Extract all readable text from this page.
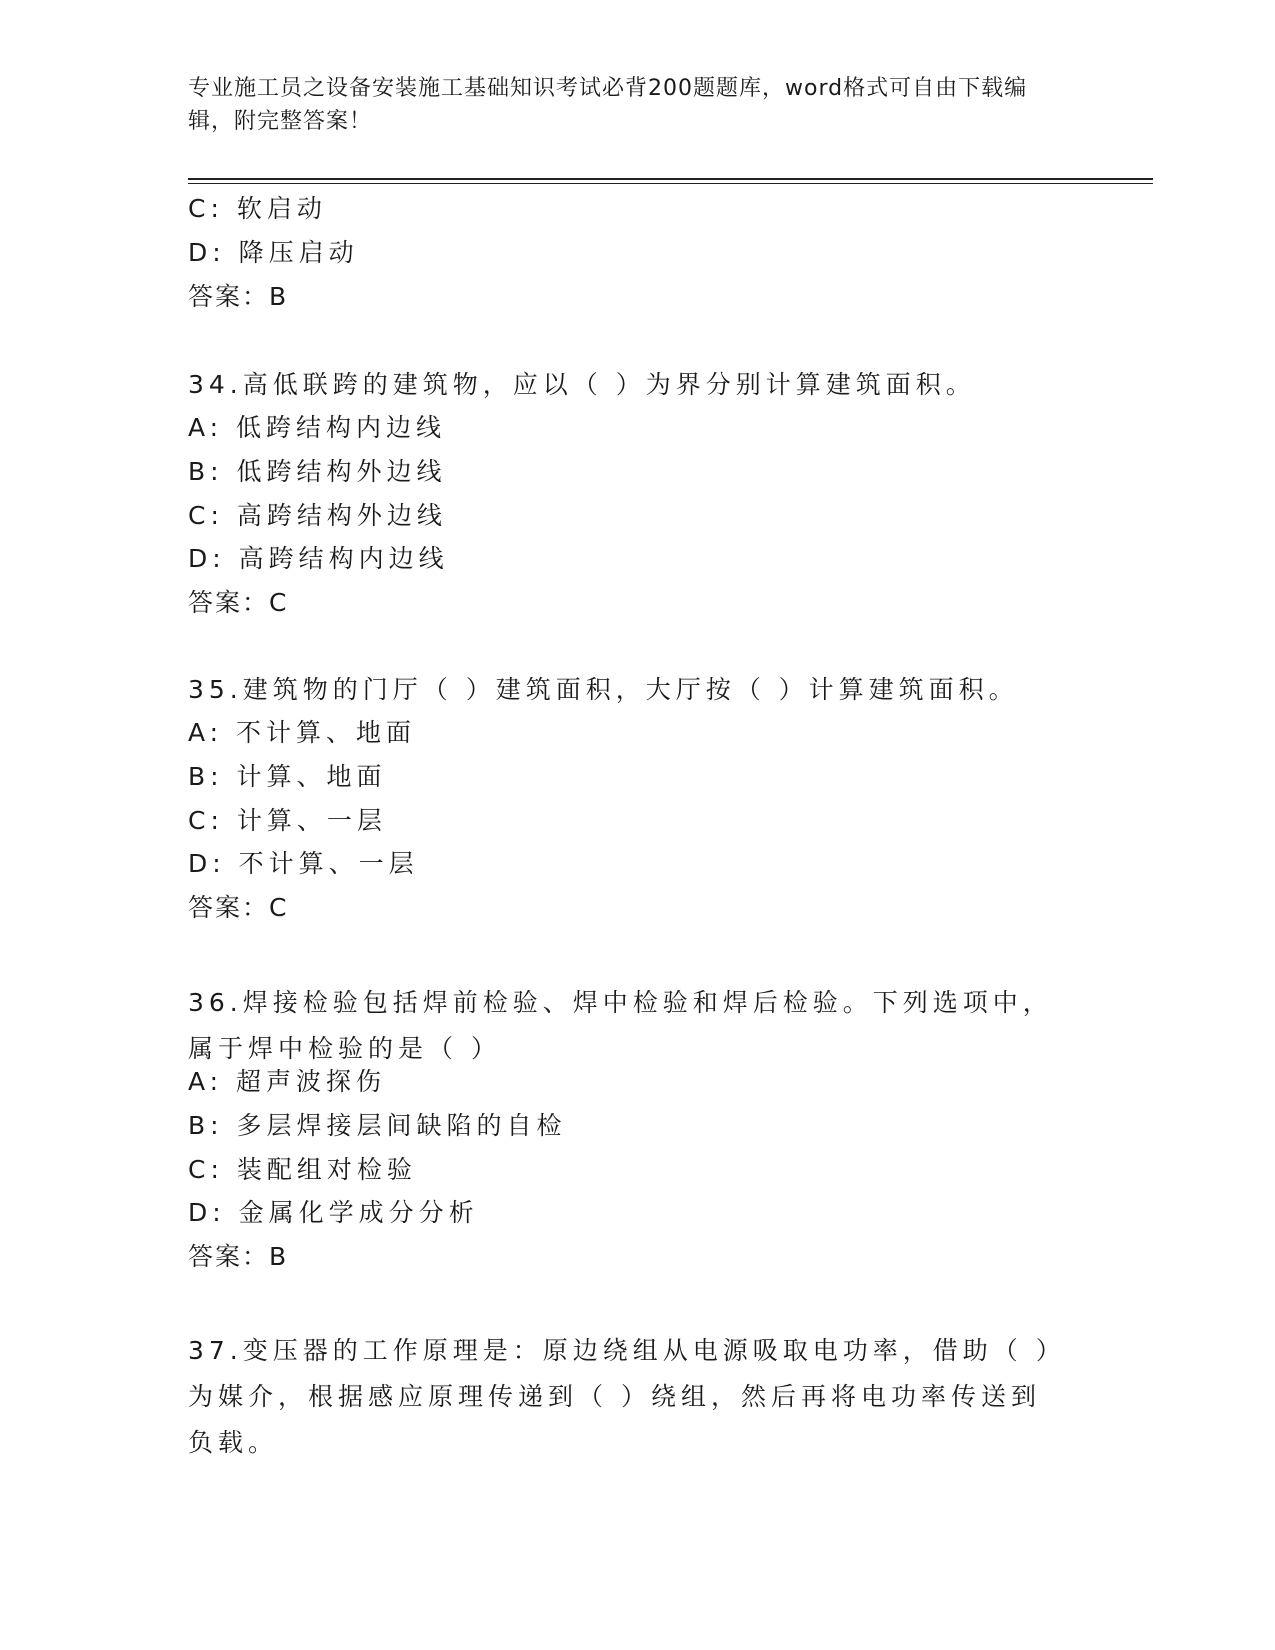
专业施工员之设备安装施工基础知识考试必背200题题库，word格式可自由下载编辑，附完整答案！
C: 软启动
D: 降压启动
答案：B
34.高低联跨的建筑物，应以（ ）为界分别计算建筑面积。
A: 低跨结构内边线
B: 低跨结构外边线
C: 高跨结构外边线
D: 高跨结构内边线
答案：C
35.建筑物的门厅（ ）建筑面积，大厅按（ ）计算建筑面积。
A: 不计算、地面
B: 计算、地面
C: 计算、一层
D: 不计算、一层
答案：C
36.焊接检验包括焊前检验、焊中检验和焊后检验。下列选项中，属于焊中检验的是（ ）
A: 超声波探伤
B: 多层焊接层间缺陷的自检
C: 装配组对检验
D: 金属化学成分分析
答案：B
37.变压器的工作原理是：原边绕组从电源吸取电功率，借助（ ）为媒介，根据感应原理传递到（ ）绕组，然后再将电功率传送到负载。
